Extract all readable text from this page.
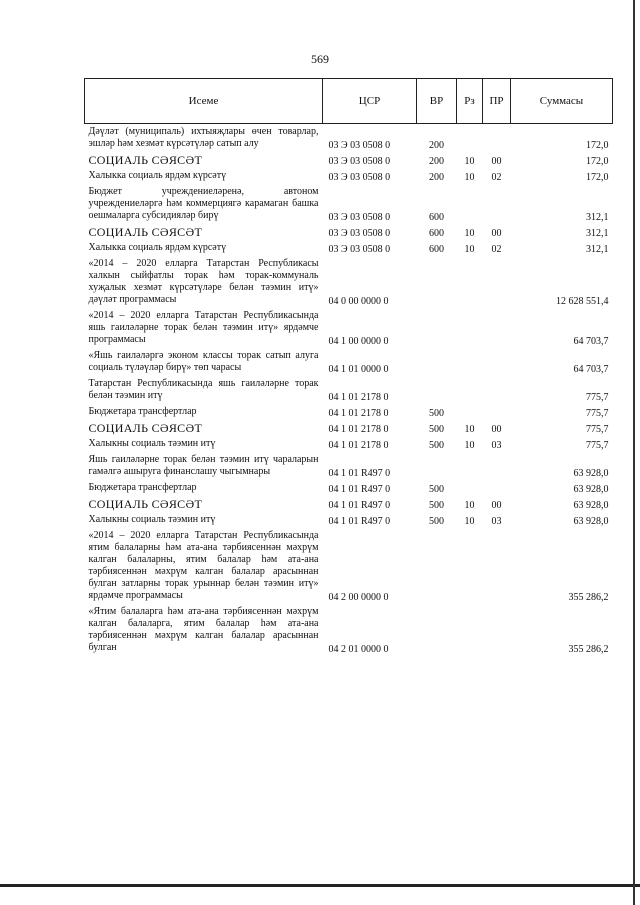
569
Исеме	ЦСР	ВР	Рз	ПР	Суммасы
Дәүләт (муниципаль) ихтыяҗлары өчен товарлар, эшләр һәм хезмәт күрсәтүләр сатып алу	03 Э 03 0508 0	200			172,0
СОЦИАЛЬ СӘЯСӘТ	03 Э 03 0508 0	200	10	00	172,0
Халыкка социаль ярдәм күрсәтү	03 Э 03 0508 0	200	10	02	172,0
Бюджет учреждениеләренә, автоном учреждениеләргә һәм коммерциягә карамаган башка оешмаларга субсидияләр бирү	03 Э 03 0508 0	600			312,1
СОЦИАЛЬ СӘЯСӘТ	03 Э 03 0508 0	600	10	00	312,1
Халыкка социаль ярдәм күрсәтү	03 Э 03 0508 0	600	10	02	312,1
«2014 – 2020 елларга Татарстан Республикасы халкын сыйфатлы торак һәм торак-коммуналь хуҗалык хезмәт күрсәтүләре белән тәэмин итү» дәүләт программасы	04 0 00 0000 0				12 628 551,4
«2014 – 2020 елларга Татарстан Республикасында яшь гаиләләрне торак белән тәэмин итү» ярдәмче программасы	04 1 00 0000 0				64 703,7
«Яшь гаиләләргә эконом классы торак сатып алуга социаль түләүләр бирү» төп чарасы	04 1 01 0000 0				64 703,7
Татарстан Республикасында яшь гаиләләрне торак белән тәэмин итү	04 1 01 2178 0				775,7
Бюджетара трансфертлар	04 1 01 2178 0	500			775,7
СОЦИАЛЬ СӘЯСӘТ	04 1 01 2178 0	500	10	00	775,7
Халыкны социаль тәэмин итү	04 1 01 2178 0	500	10	03	775,7
Яшь гаиләләрне торак белән тәэмин итү чараларын гамәлгә ашыруга финанслашу чыгымнары	04 1 01 R497 0				63 928,0
Бюджетара трансфертлар	04 1 01 R497 0	500			63 928,0
СОЦИАЛЬ СӘЯСӘТ	04 1 01 R497 0	500	10	00	63 928,0
Халыкны социаль тәэмин итү	04 1 01 R497 0	500	10	03	63 928,0
«2014 – 2020 елларга Татарстан Республикасында ятим балаларны һәм ата-ана тәрбиясеннән мәхрүм калган балаларны, ятим балалар һәм ата-ана тәрбиясеннән мәхрүм калган балалар арасыннан булган затларны торак урыннар белән тәэмин итү» ярдәмче программасы	04 2 00 0000 0				355 286,2
«Ятим балаларга һәм ата-ана тәрбиясеннән мәхрүм калган балаларга, ятим балалар һәм ата-ана тәрбиясеннән мәхрүм калган балалар арасыннан булган	04 2 01 0000 0				355 286,2
